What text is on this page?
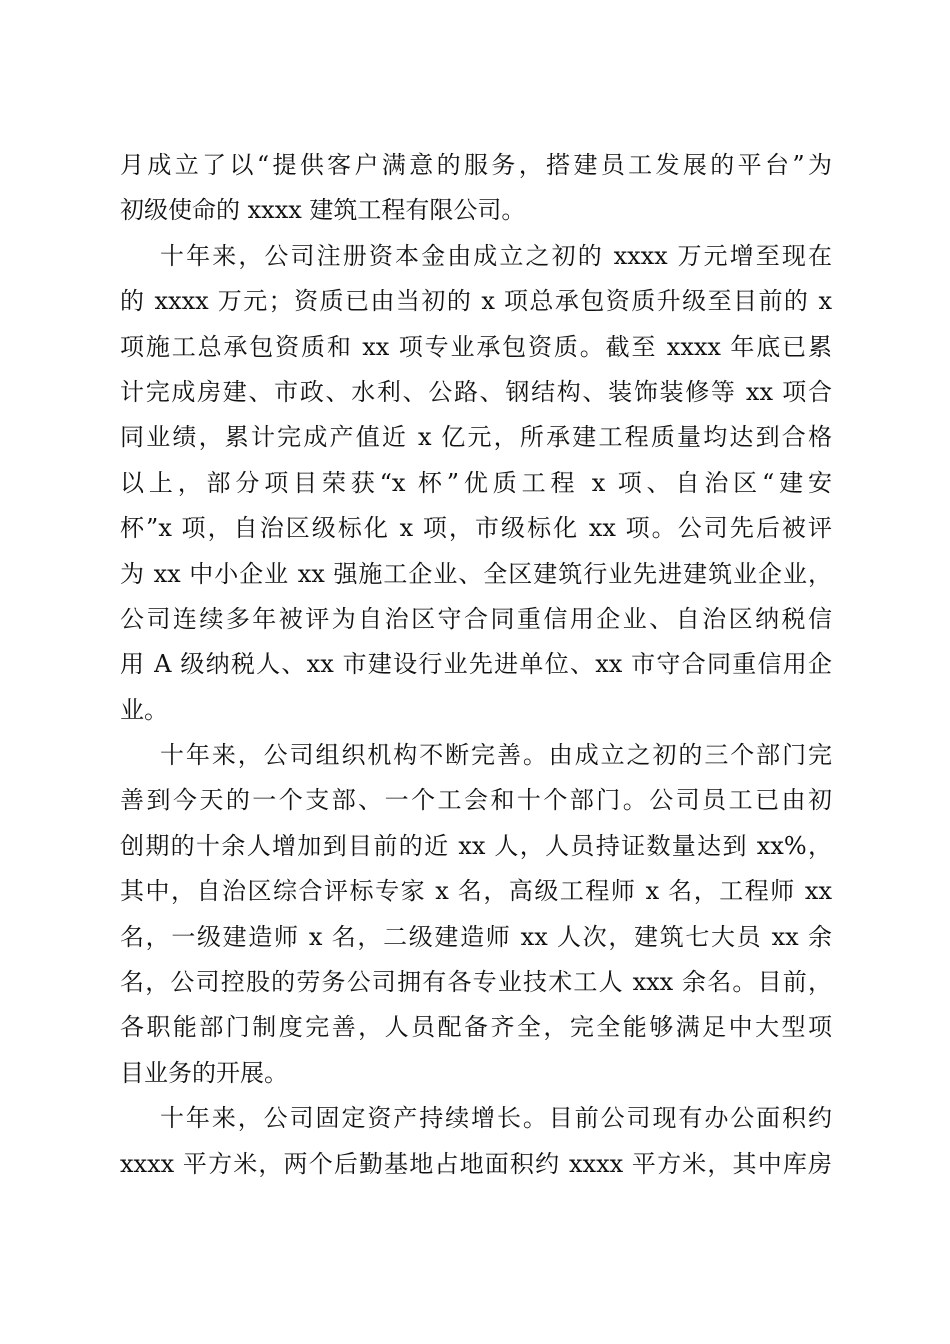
月成立了以“提供客户满意的服务，搭建员工发展的平台”为
初级使命的 xxxx 建筑工程有限公司。
十年来，公司注册资本金由成立之初的 xxxx 万元增至现在
的 xxxx 万元；资质已由当初的 x 项总承包资质升级至目前的 x
项施工总承包资质和 xx 项专业承包资质。截至 xxxx 年底已累
计完成房建、市政、水利、公路、钢结构、装饰装修等 xx 项合
同业绩，累计完成产值近 x 亿元，所承建工程质量均达到合格
以上，部分项目荣获“x 杯”优质工程 x 项、自治区“建安
杯”x 项，自治区级标化 x 项，市级标化 xx 项。公司先后被评
为 xx 中小企业 xx 强施工企业、全区建筑行业先进建筑业企业，
公司连续多年被评为自治区守合同重信用企业、自治区纳税信
用 A 级纳税人、xx 市建设行业先进单位、xx 市守合同重信用企
业。
十年来，公司组织机构不断完善。由成立之初的三个部门完
善到今天的一个支部、一个工会和十个部门。公司员工已由初
创期的十余人增加到目前的近 xx 人，人员持证数量达到 xx%，
其中，自治区综合评标专家 x 名，高级工程师 x 名，工程师 xx
名，一级建造师 x 名，二级建造师 xx 人次，建筑七大员 xx 余
名，公司控股的劳务公司拥有各专业技术工人 xxx 余名。目前，
各职能部门制度完善，人员配备齐全，完全能够满足中大型项
目业务的开展。
十年来，公司固定资产持续增长。目前公司现有办公面积约
xxxx 平方米，两个后勤基地占地面积约 xxxx 平方米，其中库房
